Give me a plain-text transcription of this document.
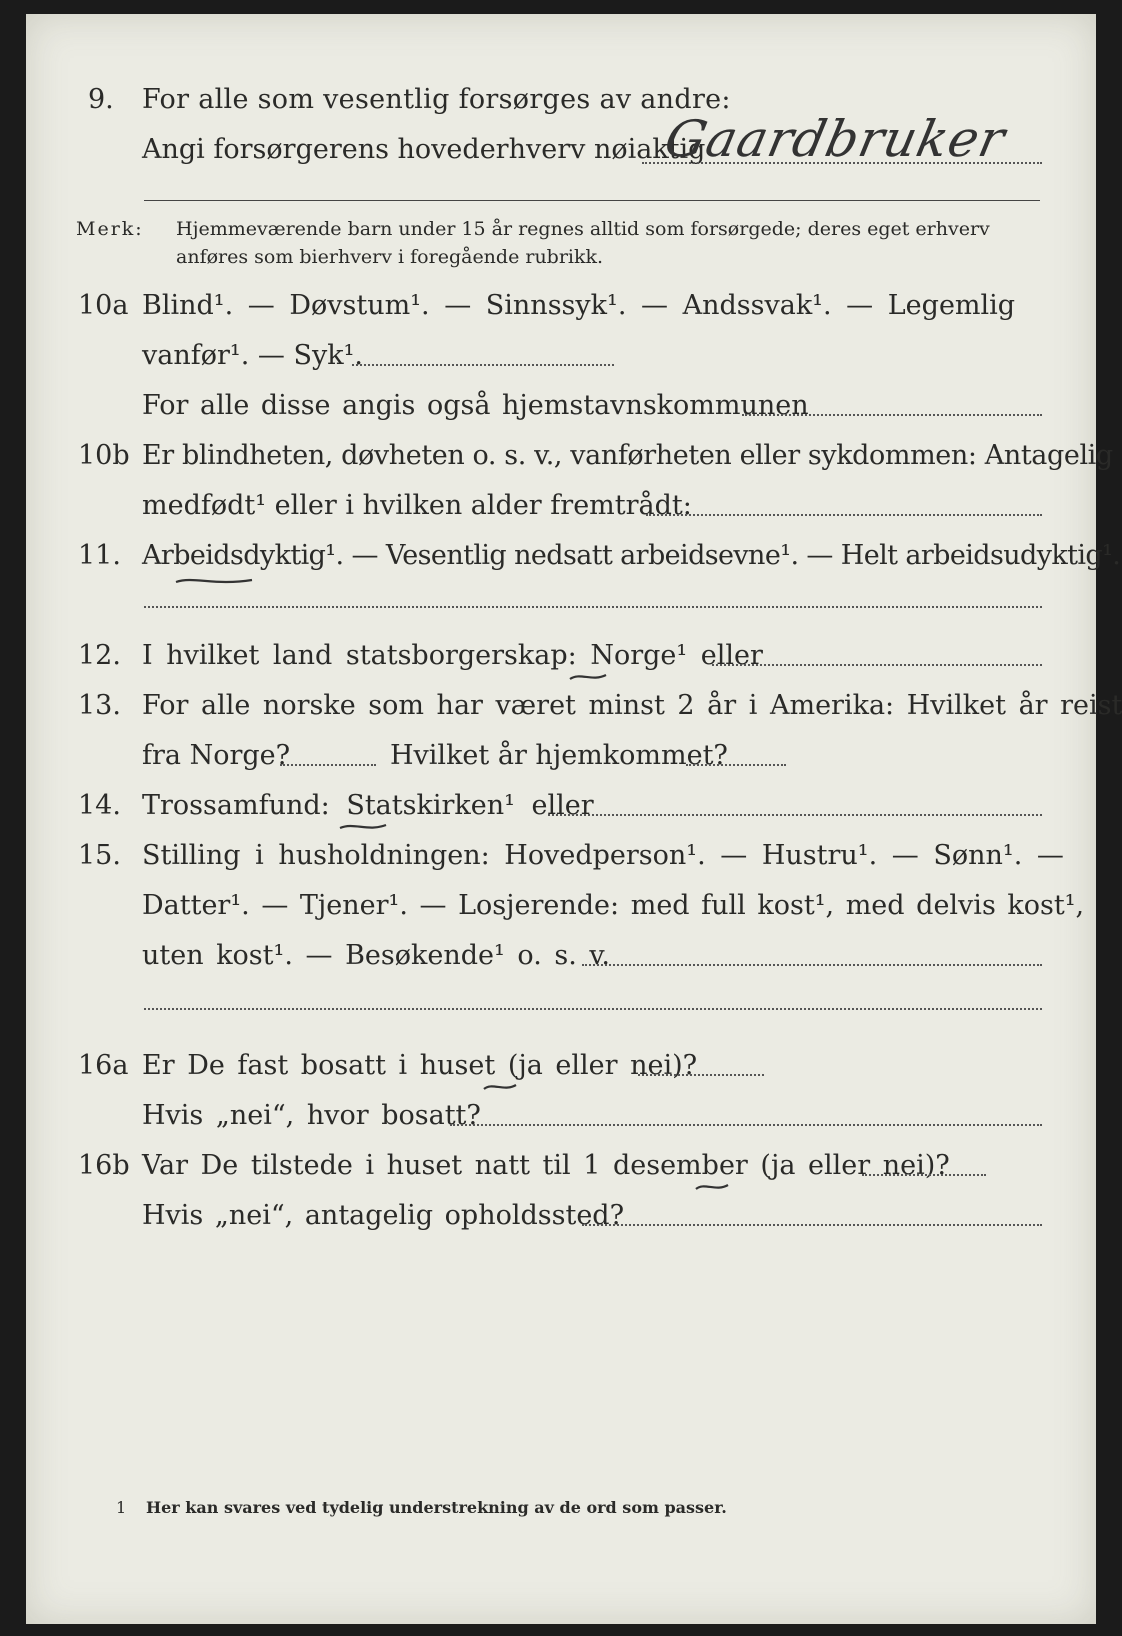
9. For alle som vesentlig forsørges av andre:
Angi forsørgerens hovederhverv nøiaktig
Gaardbruker
Merk: Hjemmeværende barn under 15 år regnes alltid som forsørgede; deres eget erhverv
anføres som bierhverv i foregående rubrikk.
10a Blind¹. — Døvstum¹. — Sinnssyk¹. — Andssvak¹. — Legemlig
vanfør¹. — Syk¹.
For alle disse angis også hjemstavnskommunen
10b Er blindheten, døvheten o. s. v., vanførheten eller sykdommen: Antagelig
medfødt¹ eller i hvilken alder fremtrådt:
11. Arbeidsdyktig¹. — Vesentlig nedsatt arbeidsevne¹. — Helt arbeidsudyktig¹.
12. I hvilket land statsborgerskap: Norge¹ eller
13. For alle norske som har været minst 2 år i Amerika: Hvilket år reist
fra Norge?	Hvilket år hjemkommet?
14. Trossamfund: Statskirken¹ eller
15. Stilling i husholdningen: Hovedperson¹. — Hustru¹. — Sønn¹. —
Datter¹. — Tjener¹. — Losjerende: med full kost¹, med delvis kost¹,
uten kost¹. — Besøkende¹ o. s. v.
16a Er De fast bosatt i huset (ja eller nei)?
Hvis „nei“, hvor bosatt?
16b Var De tilstede i huset natt til 1 desember (ja eller nei)?
Hvis „nei“, antagelig opholdssted?
1 Her kan svares ved tydelig understrekning av de ord som passer.
